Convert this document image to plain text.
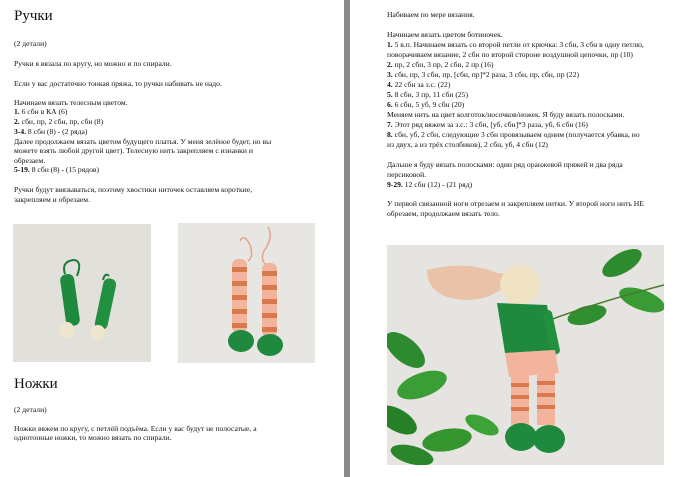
Ручки
(2 детали)
Ручки я вязала по кругу, но можно и по спирали.
Если у вас достаточно тонкая пряжа, то ручки набивать не надо.
Начинаем вязать телесным цветом.
1. 6 сбн в КА (6)
2. сбн, пр, 2 сбн, пр, сбн (8)
3-4. 8 сбн (8) - (2 ряда)
Далее продолжаем вязать цветом будущего платья. У меня зелёное будет, но вы
можете взять любой другой цвет). Телесную нить закрепляем с изнанки и
обрезаем.
5-19. 8 сбн (8) - (15 рядов)
Ручки будут ввязываться, поэтому хвостики ниточек оставляем короткие,
закрепляем и обрезаем.
Ножки
(2 детали)
Ножки вяжем по кругу, с петлёй подъёма. Если у вас будут не полосатые, а
однотонные ножки, то можно вязать по спирали.
Набиваем по мере вязания.
Начинаем вязать цветом ботиночек.
1. 5 в.п. Начинаем вязать со второй петли от крючка: 3 сбн, 3 сбн в одну петлю,
поворачиваем вязание, 2 сбн по второй стороне воздушной цепочки, пр (10)
2. пр, 2 сбн, 3 пр, 2 сбн, 2 пр (16)
3. сбн, пр, 3 сбн, пр, [сбн, пр]*2 раза, 3 сбн, пр, сбн, пр (22)
4. 22 сбн за з.с. (22)
5. 8 сбн, 3 пр, 11 сбн (25)
6. 6 сбн, 5 уб, 9 сбн (20)
Меняем нить на цвет колготок/носочков/ножек. Я буду вязать полосками.
7. Этот ряд вяжем за з.с.: 3 сбн, [уб, сбн]*3 раза, уб, 6 сбн (16)
8. сбн, уб, 2 сбн, следующие 3 сбн провязываем одним (получается убавка, но
из двух, а из трёх столбиков), 2 сбн, уб, 4 сбн (12)
Дальше я буду вязать полосками: один ряд оранжевой пряжей и два ряда
персиковой.
9-29. 12 сбн (12) - (21 ряд)
У первой связанной ноги отрезаем и закрепляем нитки. У второй ноги нить НЕ
обрезаем, продолжаем вязать тело.
